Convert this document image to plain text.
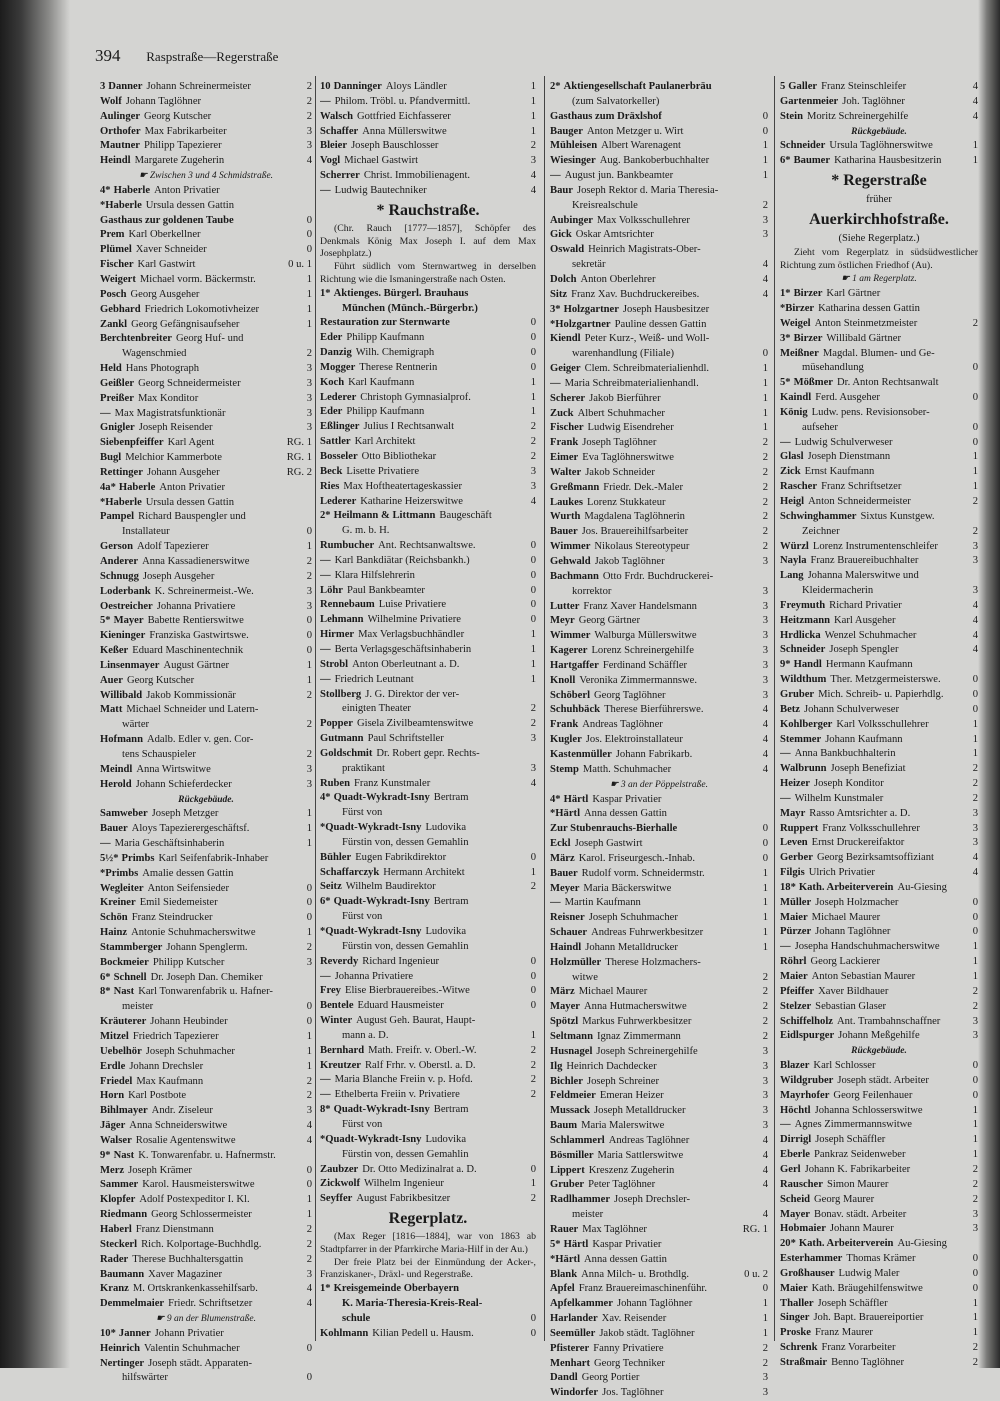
394 Raspstraße—Regerstraße
3 Danner Johann Schreinermeister	2
Wolf Johann Taglöhner	2
Aulinger Georg Kutscher	2
Orthofer Max Fabrikarbeiter	3
Mautner Philipp Tapezierer	3
Heindl Margarete Zugeherin	4
☛ Zwischen 3 und 4 Schmidstraße.
4* Haberle Anton Privatier
*Haberle Ursula dessen Gattin
Gasthaus zur goldenen Taube	0
Prem Karl Oberkellner	0
Plümel Xaver Schneider	0
Fischer Karl Gastwirt	0 u. 1
Weigert Michael vorm. Bäckermstr.	1
Posch Georg Ausgeher	1
Gebhard Friedrich Lokomotivheizer	1
Zankl Georg Gefängnisaufseher	1
Berchtenbreiter Georg Huf- und
Wagenschmied	2
Held Hans Photograph	3
Geißler Georg Schneidermeister	3
Preißer Max Konditor	3
— Max Magistratsfunktionär	3
Gnigler Joseph Reisender	3
Siebenpfeiffer Karl Agent	RG. 1
Bugl Melchior Kammerbote	RG. 1
Rettinger Johann Ausgeher	RG. 2
4a* Haberle Anton Privatier
*Haberle Ursula dessen Gattin
Pampel Richard Bauspengler und
Installateur	0
Gerson Adolf Tapezierer	1
Anderer Anna Kassadienerswitwe	2
Schnugg Joseph Ausgeher	2
Loderbank K. Schreinermeist.-We.	3
Oestreicher Johanna Privatiere	3
5* Mayer Babette Rentierswitwe	0
Kieninger Franziska Gastwirtswe.	0
Keßer Eduard Maschinentechnik	0
Linsenmayer August Gärtner	1
Auer Georg Kutscher	1
Willibald Jakob Kommissionär	2
Matt Michael Schneider und Latern-
wärter	2
Hofmann Adalb. Edler v. gen. Cor-
tens Schauspieler	2
Meindl Anna Wirtswitwe	3
Herold Johann Schieferdecker	3
Rückgebäude.
Samweber Joseph Metzger	1
Bauer Aloys Tapezierergeschäftsf.	1
— Maria Geschäftsinhaberin	1
5½* Primbs Karl Seifenfabrik-Inhaber
*Primbs Amalie dessen Gattin
Wegleiter Anton Seifensieder	0
Kreiner Emil Siedemeister	0
Schön Franz Steindrucker	0
Hainz Antonie Schuhmacherswitwe	1
Stammberger Johann Spenglerm.	2
Bockmeier Philipp Kutscher	3
6* Schnell Dr. Joseph Dan. Chemiker
8* Nast Karl Tonwarenfabrik u. Hafner-
meister	0
Kräuterer Johann Heubinder	0
Mitzel Friedrich Tapezierer	1
Uebelhör Joseph Schuhmacher	1
Erdle Johann Drechsler	1
Friedel Max Kaufmann	2
Horn Karl Postbote	2
Bihlmayer Andr. Ziseleur	3
Jäger Anna Schneiderswitwe	4
Walser Rosalie Agentenswitwe	4
9* Nast K. Tonwarenfabr. u. Hafnermstr.
Merz Joseph Krämer	0
Sammer Karol. Hausmeisterswitwe	0
Klopfer Adolf Postexpeditor I. Kl.	1
Riedmann Georg Schlossermeister	1
Haberl Franz Dienstmann	2
Steckerl Rich. Kolportage-Buchhdlg.	2
Rader Therese Buchhaltersgattin	2
Baumann Xaver Magaziner	3
Kranz M. Ortskrankenkassehilfsarb.	4
Demmelmaier Friedr. Schriftsetzer	4
☛ 9 an der Blumenstraße.
10* Janner Johann Privatier
Heinrich Valentin Schuhmacher	0
Nertinger Joseph städt. Apparaten-
hilfswärter	0
10 Danninger Aloys Ländler	1
— Philom. Tröbl. u. Pfandvermittl.	1
Walsch Gottfried Eichfasserer	1
Schaffer Anna Müllerswitwe	1
Bleier Joseph Bauschlosser	2
Vogl Michael Gastwirt	3
Scherrer Christ. Immobilienagent.	4
— Ludwig Bautechniker	4
* Rauchstraße.
(Chr. Rauch [1777—1857], Schöpfer des Denkmals König Max Joseph I. auf dem Max Josephplatz.)
Führt südlich vom Sternwartweg in derselben Richtung wie die Ismaningerstraße nach Osten.
1* Aktienges. Bürgerl. Brauhaus
München (Münch.-Bürgerbr.)
Restauration zur Sternwarte	0
Eder Philipp Kaufmann	0
Danzig Wilh. Chemigraph	0
Mogger Therese Rentnerin	0
Koch Karl Kaufmann	1
Lederer Christoph Gymnasialprof.	1
Eder Philipp Kaufmann	1
Eßlinger Julius I Rechtsanwalt	2
Sattler Karl Architekt	2
Bosseler Otto Bibliothekar	2
Beck Lisette Privatiere	3
Ries Max Hoftheatertageskassier	3
Lederer Katharine Heizerswitwe	4
2* Heilmann & Littmann Baugeschäft
G. m. b. H.
Rumbucher Ant. Rechtsanwaltswe.	0
— Karl Bankdiätar (Reichsbankh.)	0
— Klara Hilfslehrerin	0
Löhr Paul Bankbeamter	0
Rennebaum Luise Privatiere	0
Lehmann Wilhelmine Privatiere	0
Hirmer Max Verlagsbuchhändler	1
— Berta Verlagsgeschäftsinhaberin	1
Strobl Anton Oberleutnant a. D.	1
— Friedrich Leutnant	1
Stollberg J. G. Direktor der ver-
einigten Theater	2
Popper Gisela Zivilbeamtenswitwe	2
Gutmann Paul Schriftsteller	3
Goldschmit Dr. Robert gepr. Rechts-
praktikant	3
Ruben Franz Kunstmaler	4
4* Quadt-Wykradt-Isny Bertram
Fürst von
*Quadt-Wykradt-Isny Ludovika
Fürstin von, dessen Gemahlin
Bühler Eugen Fabrikdirektor	0
Schaffarczyk Hermann Architekt	1
Seitz Wilhelm Baudirektor	2
6* Quadt-Wykradt-Isny Bertram
Fürst von
*Quadt-Wykradt-Isny Ludovika
Fürstin von, dessen Gemahlin
Reverdy Richard Ingenieur	0
— Johanna Privatiere	0
Frey Elise Bierbrauereibes.-Witwe	0
Bentele Eduard Hausmeister	0
Winter August Geh. Baurat, Haupt-
mann a. D.	1
Bernhard Math. Freifr. v. Oberl.-W.	2
Kreutzer Ralf Frhr. v. Oberstl. a. D.	2
— Maria Blanche Freiin v. p. Hofd.	2
— Ethelberta Freiin v. Privatiere	2
8* Quadt-Wykradt-Isny Bertram
Fürst von
*Quadt-Wykradt-Isny Ludovika
Fürstin von, dessen Gemahlin
Zaubzer Dr. Otto Medizinalrat a. D.	0
Zickwolf Wilhelm Ingenieur	1
Seyffer August Fabrikbesitzer	2
Regerplatz.
(Max Reger [1816—1884], war von 1863 ab Stadtpfarrer in der Pfarrkirche Maria-Hilf in der Au.)
Der freie Platz bei der Einmündung der Acker-, Franziskaner-, Dräxl- und Regerstraße.
1* Kreisgemeinde Oberbayern
K. Maria-Theresia-Kreis-Real-
schule	0
Kohlmann Kilian Pedell u. Hausm.	0
2* Aktiengesellschaft Paulanerbräu
(zum Salvatorkeller)
Gasthaus zum Dräxlshof	0
Bauger Anton Metzger u. Wirt	0
Mühleisen Albert Warenagent	1
Wiesinger Aug. Bankoberbuchhalter	1
— August jun. Bankbeamter	1
Baur Joseph Rektor d. Maria Theresia-
Kreisrealschule	2
Aubinger Max Volksschullehrer	3
Gick Oskar Amtsrichter	3
Oswald Heinrich Magistrats-Ober-
sekretär	4
Dolch Anton Oberlehrer	4
Sitz Franz Xav. Buchdruckereibes.	4
3* Holzgartner Joseph Hausbesitzer
*Holzgartner Pauline dessen Gattin
Kiendl Peter Kurz-, Weiß- und Woll-
warenhandlung (Filiale)	0
Geiger Clem. Schreibmaterialienhdl.	1
— Maria Schreibmaterialienhandl.	1
Scherer Jakob Bierführer	1
Zuck Albert Schuhmacher	1
Fischer Ludwig Eisendreher	1
Frank Joseph Taglöhner	2
Eimer Eva Taglöhnerswitwe	2
Walter Jakob Schneider	2
Greßmann Friedr. Dek.-Maler	2
Laukes Lorenz Stukkateur	2
Wurth Magdalena Taglöhnerin	2
Bauer Jos. Brauereihilfsarbeiter	2
Wimmer Nikolaus Stereotypeur	2
Gehwald Jakob Taglöhner	3
Bachmann Otto Frdr. Buchdruckerei-
korrektor	3
Lutter Franz Xaver Handelsmann	3
Meyr Georg Gärtner	3
Wimmer Walburga Müllerswitwe	3
Kagerer Lorenz Schreinergehilfe	3
Hartgaffer Ferdinand Schäffler	3
Knoll Veronika Zimmermannswe.	3
Schöberl Georg Taglöhner	3
Schuhbäck Therese Bierführerswe.	4
Frank Andreas Taglöhner	4
Kugler Jos. Elektroinstallateur	4
Kastenmüller Johann Fabrikarb.	4
Stemp Matth. Schuhmacher	4
☛ 3 an der Pöppelstraße.
4* Härtl Kaspar Privatier
*Härtl Anna dessen Gattin
Zur Stubenrauchs-Bierhalle	0
Eckl Joseph Gastwirt	0
März Karol. Friseurgesch.-Inhab.	0
Bauer Rudolf vorm. Schneidermstr.	1
Meyer Maria Bäckerswitwe	1
— Martin Kaufmann	1
Reisner Joseph Schuhmacher	1
Schauer Andreas Fuhrwerkbesitzer	1
Haindl Johann Metalldrucker	1
Holzmüller Therese Holzmachers-
witwe	2
März Michael Maurer	2
Mayer Anna Hutmacherswitwe	2
Spötzl Markus Fuhrwerkbesitzer	2
Seltmann Ignaz Zimmermann	2
Husnagel Joseph Schreinergehilfe	3
Ilg Heinrich Dachdecker	3
Bichler Joseph Schreiner	3
Feldmeier Emeran Heizer	3
Mussack Joseph Metalldrucker	3
Baum Maria Malerswitwe	3
Schlammerl Andreas Taglöhner	4
Bösmiller Maria Sattlerswitwe	4
Lippert Kreszenz Zugeherin	4
Gruber Peter Taglöhner	4
Radlhammer Joseph Drechsler-
meister	4
Rauer Max Taglöhner	RG. 1
5* Härtl Kaspar Privatier
*Härtl Anna dessen Gattin
Blank Anna Milch- u. Brothdlg.	0 u. 2
Apfel Franz Brauereimaschinenführ.	0
Apfelkammer Johann Taglöhner	1
Harlander Xav. Reisender	1
Seemüller Jakob städt. Taglöhner	1
Pfisterer Fanny Privatiere	2
Menhart Georg Techniker	2
Dandl Georg Portier	3
Windorfer Jos. Taglöhner	3
5 Galler Franz Steinschleifer	4
Gartenmeier Joh. Taglöhner	4
Stein Moritz Schreinergehilfe	4
Rückgebäude.
Schneider Ursula Taglöhnerswitwe	1
6* Baumer Katharina Hausbesitzerin	1
* Regerstraße
früher
Auerkirchhofstraße.
(Siehe Regerplatz.)
Zieht vom Regerplatz in südsüdwestlicher Richtung zum östlichen Friedhof (Au).
☛ 1 am Regerplatz.
1* Birzer Karl Gärtner
*Birzer Katharina dessen Gattin
Weigel Anton Steinmetzmeister	2
3* Birzer Willibald Gärtner
Meißner Magdal. Blumen- und Ge-
müsehandlung	0
5* Mößmer Dr. Anton Rechtsanwalt
Kaindl Ferd. Ausgeher	0
König Ludw. pens. Revisionsober-
aufseher	0
— Ludwig Schulverweser	0
Glasl Joseph Dienstmann	1
Zick Ernst Kaufmann	1
Rascher Franz Schriftsetzer	1
Heigl Anton Schneidermeister	2
Schwinghammer Sixtus Kunstgew.
Zeichner	2
Würzl Lorenz Instrumentenschleifer	3
Nayla Franz Brauereibuchhalter	3
Lang Johanna Malerswitwe und
Kleidermacherin	3
Freymuth Richard Privatier	4
Heitzmann Karl Ausgeher	4
Hrdlicka Wenzel Schuhmacher	4
Schneider Joseph Spengler	4
9* Handl Hermann Kaufmann
Wildthum Ther. Metzgermeisterswe.	0
Gruber Mich. Schreib- u. Papierhdlg.	0
Betz Johann Schulverweser	0
Kohlberger Karl Volksschullehrer	1
Stemmer Johann Kaufmann	1
— Anna Bankbuchhalterin	1
Walbrunn Joseph Benefiziat	2
Heizer Joseph Konditor	2
— Wilhelm Kunstmaler	2
Mayr Rasso Amtsrichter a. D.	3
Ruppert Franz Volksschullehrer	3
Leven Ernst Druckereifaktor	3
Gerber Georg Bezirksamtsoffiziant	4
Filgis Ulrich Privatier	4
18* Kath. Arbeiterverein Au-Giesing
Müller Joseph Holzmacher	0
Maier Michael Maurer	0
Pürzer Johann Taglöhner	0
— Josepha Handschuhmacherswitwe	1
Röhrl Georg Lackierer	1
Maier Anton Sebastian Maurer	1
Pfeiffer Xaver Bildhauer	2
Stelzer Sebastian Glaser	2
Schiffelholz Ant. Trambahnschaffner	3
Eidlspurger Johann Meßgehilfe	3
Rückgebäude.
Blazer Karl Schlosser	0
Wildgruber Joseph städt. Arbeiter	0
Mayrhofer Georg Feilenhauer	0
Höchtl Johanna Schlosserswitwe	1
— Agnes Zimmermannswitwe	1
Dirrigl Joseph Schäffler	1
Eberle Pankraz Seidenweber	1
Gerl Johann K. Fabrikarbeiter	2
Rauscher Simon Maurer	2
Scheid Georg Maurer	2
Mayer Bonav. städt. Arbeiter	3
Hobmaier Johann Maurer	3
20* Kath. Arbeiterverein Au-Giesing
Esterhammer Thomas Krämer	0
Großhauser Ludwig Maler	0
Maier Kath. Bräugehilfenswitwe	0
Thaller Joseph Schäffler	1
Singer Joh. Bapt. Brauereiportier	1
Proske Franz Maurer	1
Schrenk Franz Vorarbeiter	2
Straßmair Benno Taglöhner	2
